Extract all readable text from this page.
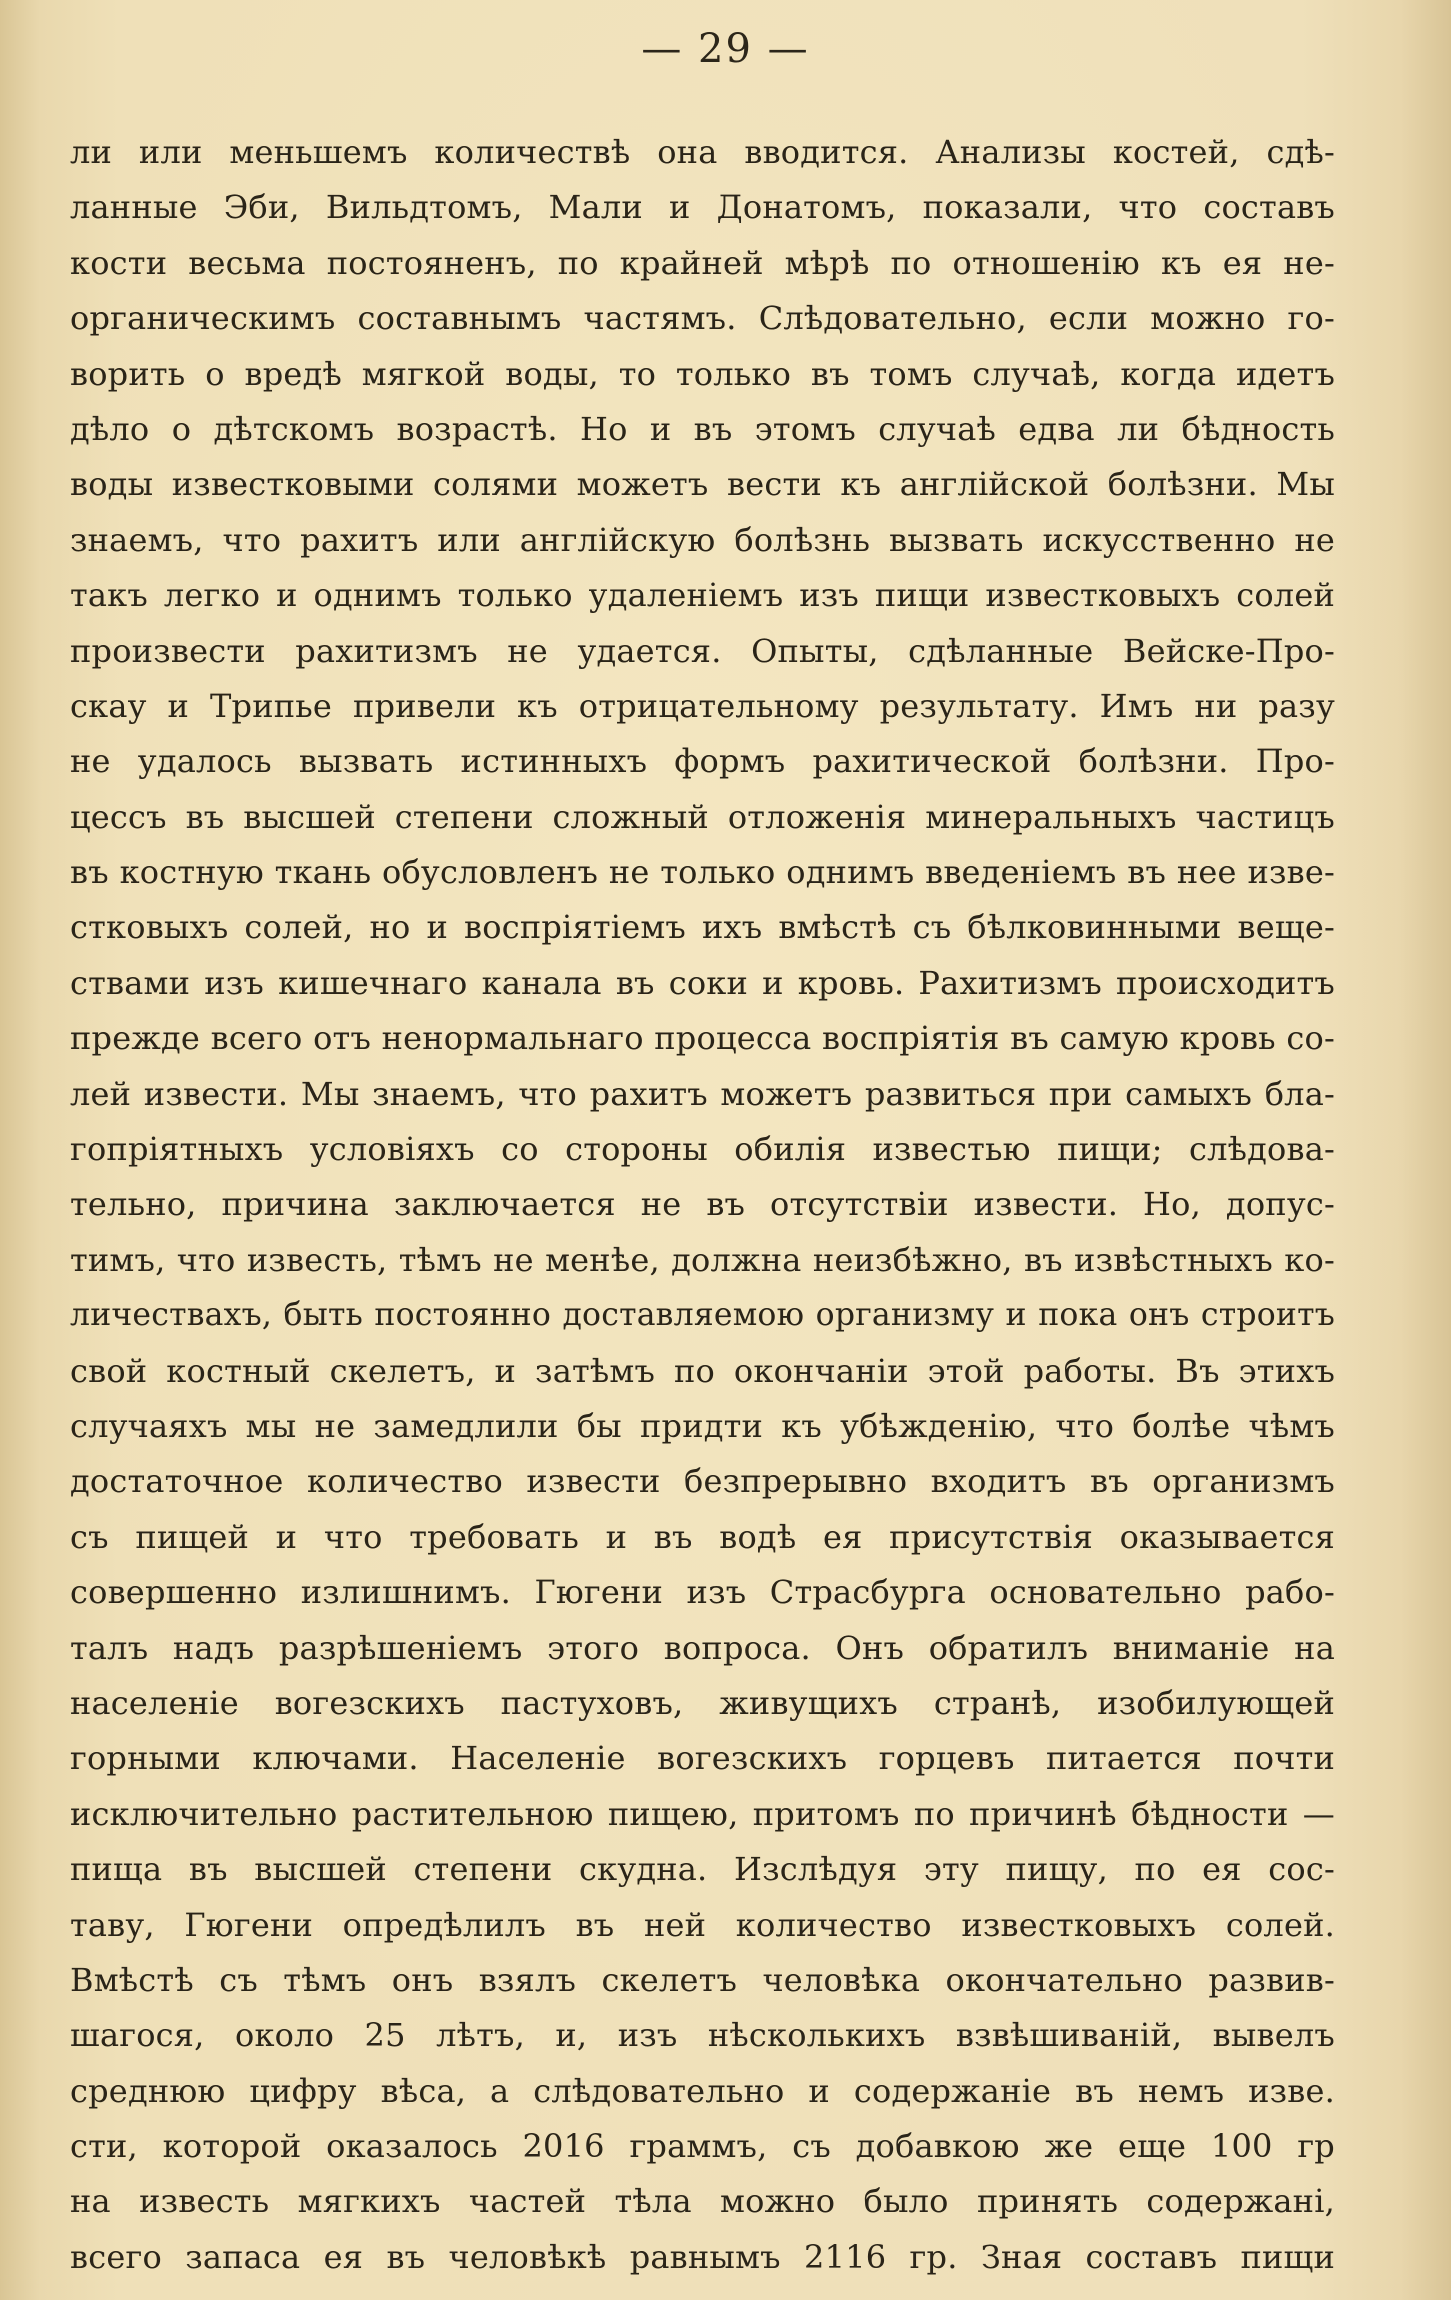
— 29 —
ли или меньшемъ количествѣ она вводится. Анализы костей, сдѣ-
ланные Эби, Вильдтомъ, Мали и Донатомъ, показали, что составъ
кости весьма постояненъ, по крайней мѣрѣ по отношенію къ ея не-
органическимъ составнымъ частямъ. Слѣдовательно, если можно го-
ворить о вредѣ мягкой воды, то только въ томъ случаѣ, когда идетъ
дѣло о дѣтскомъ возрастѣ. Но и въ этомъ случаѣ едва ли бѣдность
воды известковыми солями можетъ вести къ англійской болѣзни. Мы
знаемъ, что рахитъ или англійскую болѣзнь вызвать искусственно не
такъ легко и однимъ только удаленіемъ изъ пищи известковыхъ солей
произвести рахитизмъ не удается. Опыты, сдѣланные Вейске-Про-
скау и Трипье привели къ отрицательному результату. Имъ ни разу
не удалось вызвать истинныхъ формъ рахитической болѣзни. Про-
цессъ въ высшей степени сложный отложенія минеральныхъ частицъ
въ костную ткань обусловленъ не только однимъ введеніемъ въ нее изве-
стковыхъ солей, но и воспріятіемъ ихъ вмѣстѣ съ бѣлковинными веще-
ствами изъ кишечнаго канала въ соки и кровь. Рахитизмъ происходитъ
прежде всего отъ ненормальнаго процесса воспріятія въ самую кровь со-
лей извести. Мы знаемъ, что рахитъ можетъ развиться при самыхъ бла-
гопріятныхъ условіяхъ со стороны обилія известью пищи; слѣдова-
тельно, причина заключается не въ отсутствіи извести. Но, допус-
тимъ, что известь, тѣмъ не менѣе, должна неизбѣжно, въ извѣстныхъ ко-
личествахъ, быть постоянно доставляемою организму и пока онъ строитъ
свой костный скелетъ, и затѣмъ по окончаніи этой работы. Въ этихъ
случаяхъ мы не замедлили бы придти къ убѣжденію, что болѣе чѣмъ
достаточное количество извести безпрерывно входитъ въ организмъ
съ пищей и что требовать и въ водѣ ея присутствія оказывается
совершенно излишнимъ. Гюгени изъ Страсбурга основательно рабо-
талъ надъ разрѣшеніемъ этого вопроса. Онъ обратилъ вниманіе на
населеніе вогезскихъ пастуховъ, живущихъ странѣ, изобилующей
горными ключами. Населеніе вогезскихъ горцевъ питается почти
исключительно растительною пищею, притомъ по причинѣ бѣдности —
пища въ высшей степени скудна. Изслѣдуя эту пищу, по ея сос-
таву, Гюгени опредѣлилъ въ ней количество известковыхъ солей.
Вмѣстѣ съ тѣмъ онъ взялъ скелетъ человѣка окончательно развив-
шагося, около 25 лѣтъ, и, изъ нѣсколькихъ взвѣшиваній, вывелъ
среднюю цифру вѣса, а слѣдовательно и содержаніе въ немъ изве.
сти, которой оказалось 2016 граммъ, съ добавкою же еще 100 гр
на известь мягкихъ частей тѣла можно было принять содержані,
всего запаса ея въ человѣкѣ равнымъ 2116 гр. Зная составъ пищи
